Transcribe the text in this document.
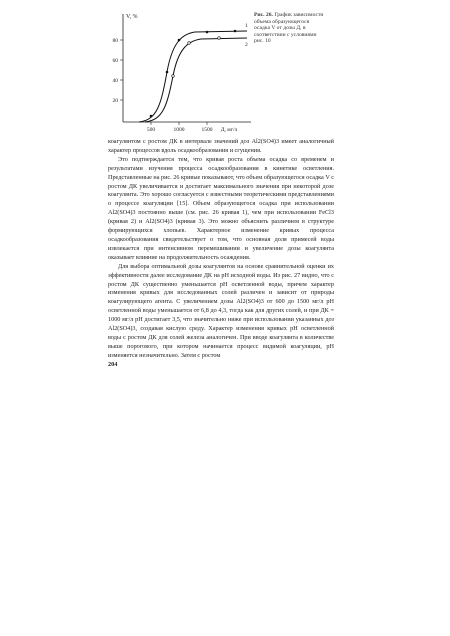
V, %
80
60
40
20
500	1000	1500 Д, мг/л
1
2
Рис. 26. График зависимости объема образующегося осадка V от дозы Д, в соответствии с условиями рис. 10

коагулянтом с ростом ДК в интервале значений доз Al2(SO4)3 имеет аналогичный характер процессов вдоль осадкообразования и сгущения.

Это подтверждается тем, что кривая роста объема осадка со временем и результатами изучения процесса осадкообразования в кинетике осветления. Представленные на рис. 26 кривые показывают, что объем образующегося осадка V с ростом ДК увеличивается и достигает максимального значения при некоторой дозе коагулянта. Это хорошо согласуется с известными теоретическими представлениями о процессе коагуляции [15]. Объем образующегося осадка при использовании Al2(SO4)3 постоянно выше (см. рис. 26 кривая 1), чем при использовании FeCl3 (кривая 2) и Al2(SO4)3 (кривая 3). Это можно объяснить различием в структуре формирующихся хлопьев. Характерное изменение кривых процесса осадкообразования свидетельствует о том, что основная доля примесей воды извлекается при интенсивном перемешивании и увеличение дозы коагулянта оказывает влияние на продолжительность осаждения.

Для выбора оптимальной дозы коагулянтов на основе сравнительной оценки их эффективности далее исследование ДК на рН исходной воды. Из рис. 27 видно, что с ростом ДК существенно уменьшается рН осветленной воды, причем характер изменения кривых для исследованных солей различен и зависит от природы коагулирующего агента. С увеличением дозы Al2(SO4)3 от 600 до 1500 мг/л рН осветленной воды уменьшается от 6,8 до 4,3, тогда как для других солей, и при ДК = 1000 мг/л рН достигает 3,5, что значительно ниже при использовании указанных доз Al2(SO4)3, создавая кислую среду. Характер изменения кривых рН осветленной воды с ростом ДК для солей железа аналогичен. При вводе коагулянта в количестве выше порогового, при котором начинается процесс видимой коагуляции, рН изменяется незначительно. Затем с ростом

204
